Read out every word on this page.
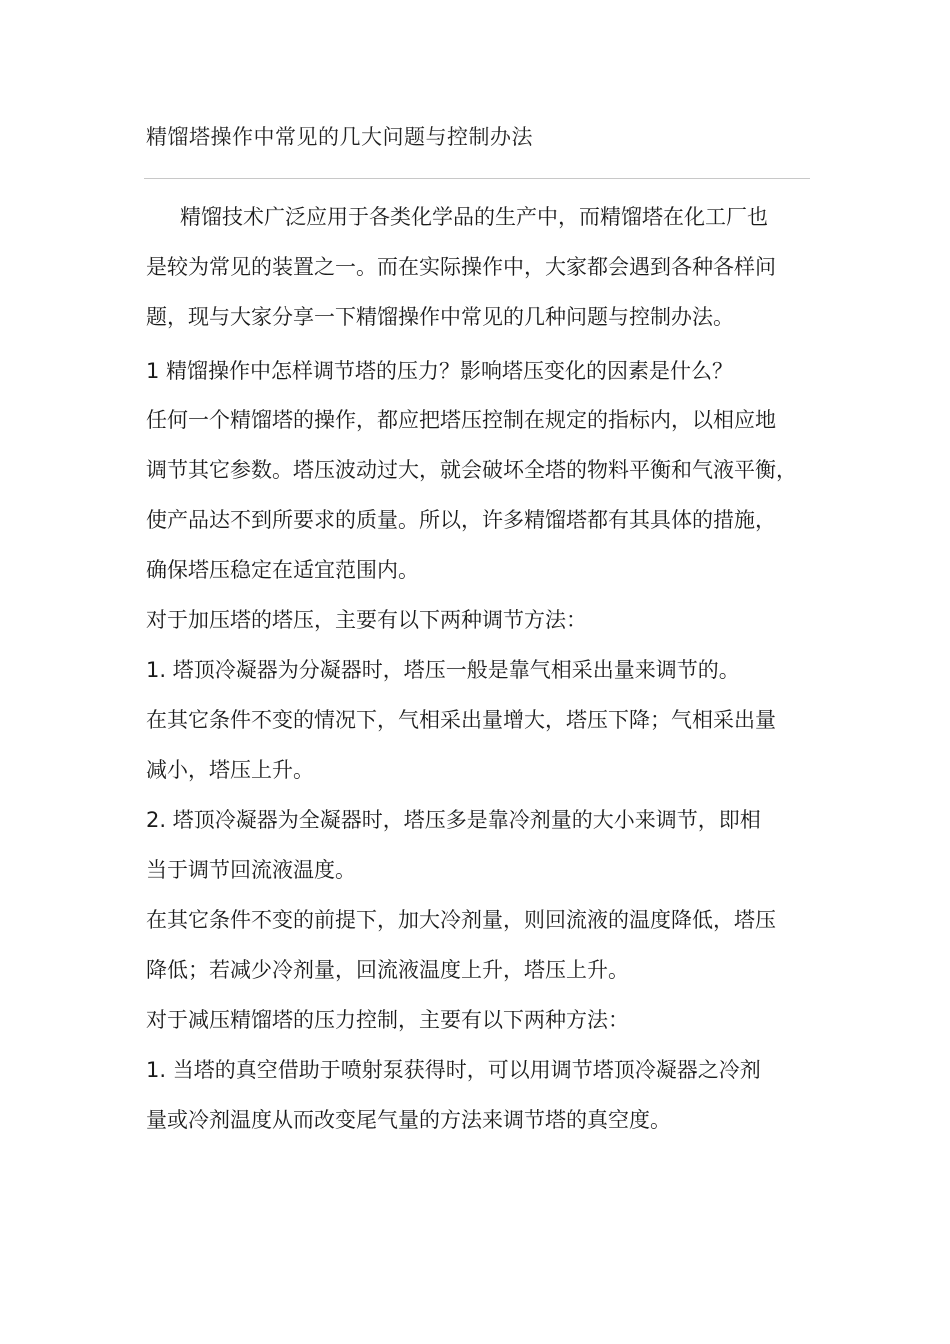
精馏塔操作中常见的几大问题与控制办法
精馏技术广泛应用于各类化学品的生产中，而精馏塔在化工厂也
是较为常见的装置之一。而在实际操作中，大家都会遇到各种各样问
题，现与大家分享一下精馏操作中常见的几种问题与控制办法。
1 精馏操作中怎样调节塔的压力？影响塔压变化的因素是什么？
任何一个精馏塔的操作，都应把塔压控制在规定的指标内，以相应地
调节其它参数。塔压波动过大，就会破坏全塔的物料平衡和气液平衡，
使产品达不到所要求的质量。所以，许多精馏塔都有其具体的措施，
确保塔压稳定在适宜范围内。
对于加压塔的塔压，主要有以下两种调节方法：
1. 塔顶冷凝器为分凝器时，塔压一般是靠气相采出量来调节的。
在其它条件不变的情况下，气相采出量增大，塔压下降；气相采出量
减小，塔压上升。
2. 塔顶冷凝器为全凝器时，塔压多是靠冷剂量的大小来调节，即相
当于调节回流液温度。
在其它条件不变的前提下，加大冷剂量，则回流液的温度降低，塔压
降低；若减少冷剂量，回流液温度上升，塔压上升。
对于减压精馏塔的压力控制，主要有以下两种方法：
1. 当塔的真空借助于喷射泵获得时，可以用调节塔顶冷凝器之冷剂
量或冷剂温度从而改变尾气量的方法来调节塔的真空度。
